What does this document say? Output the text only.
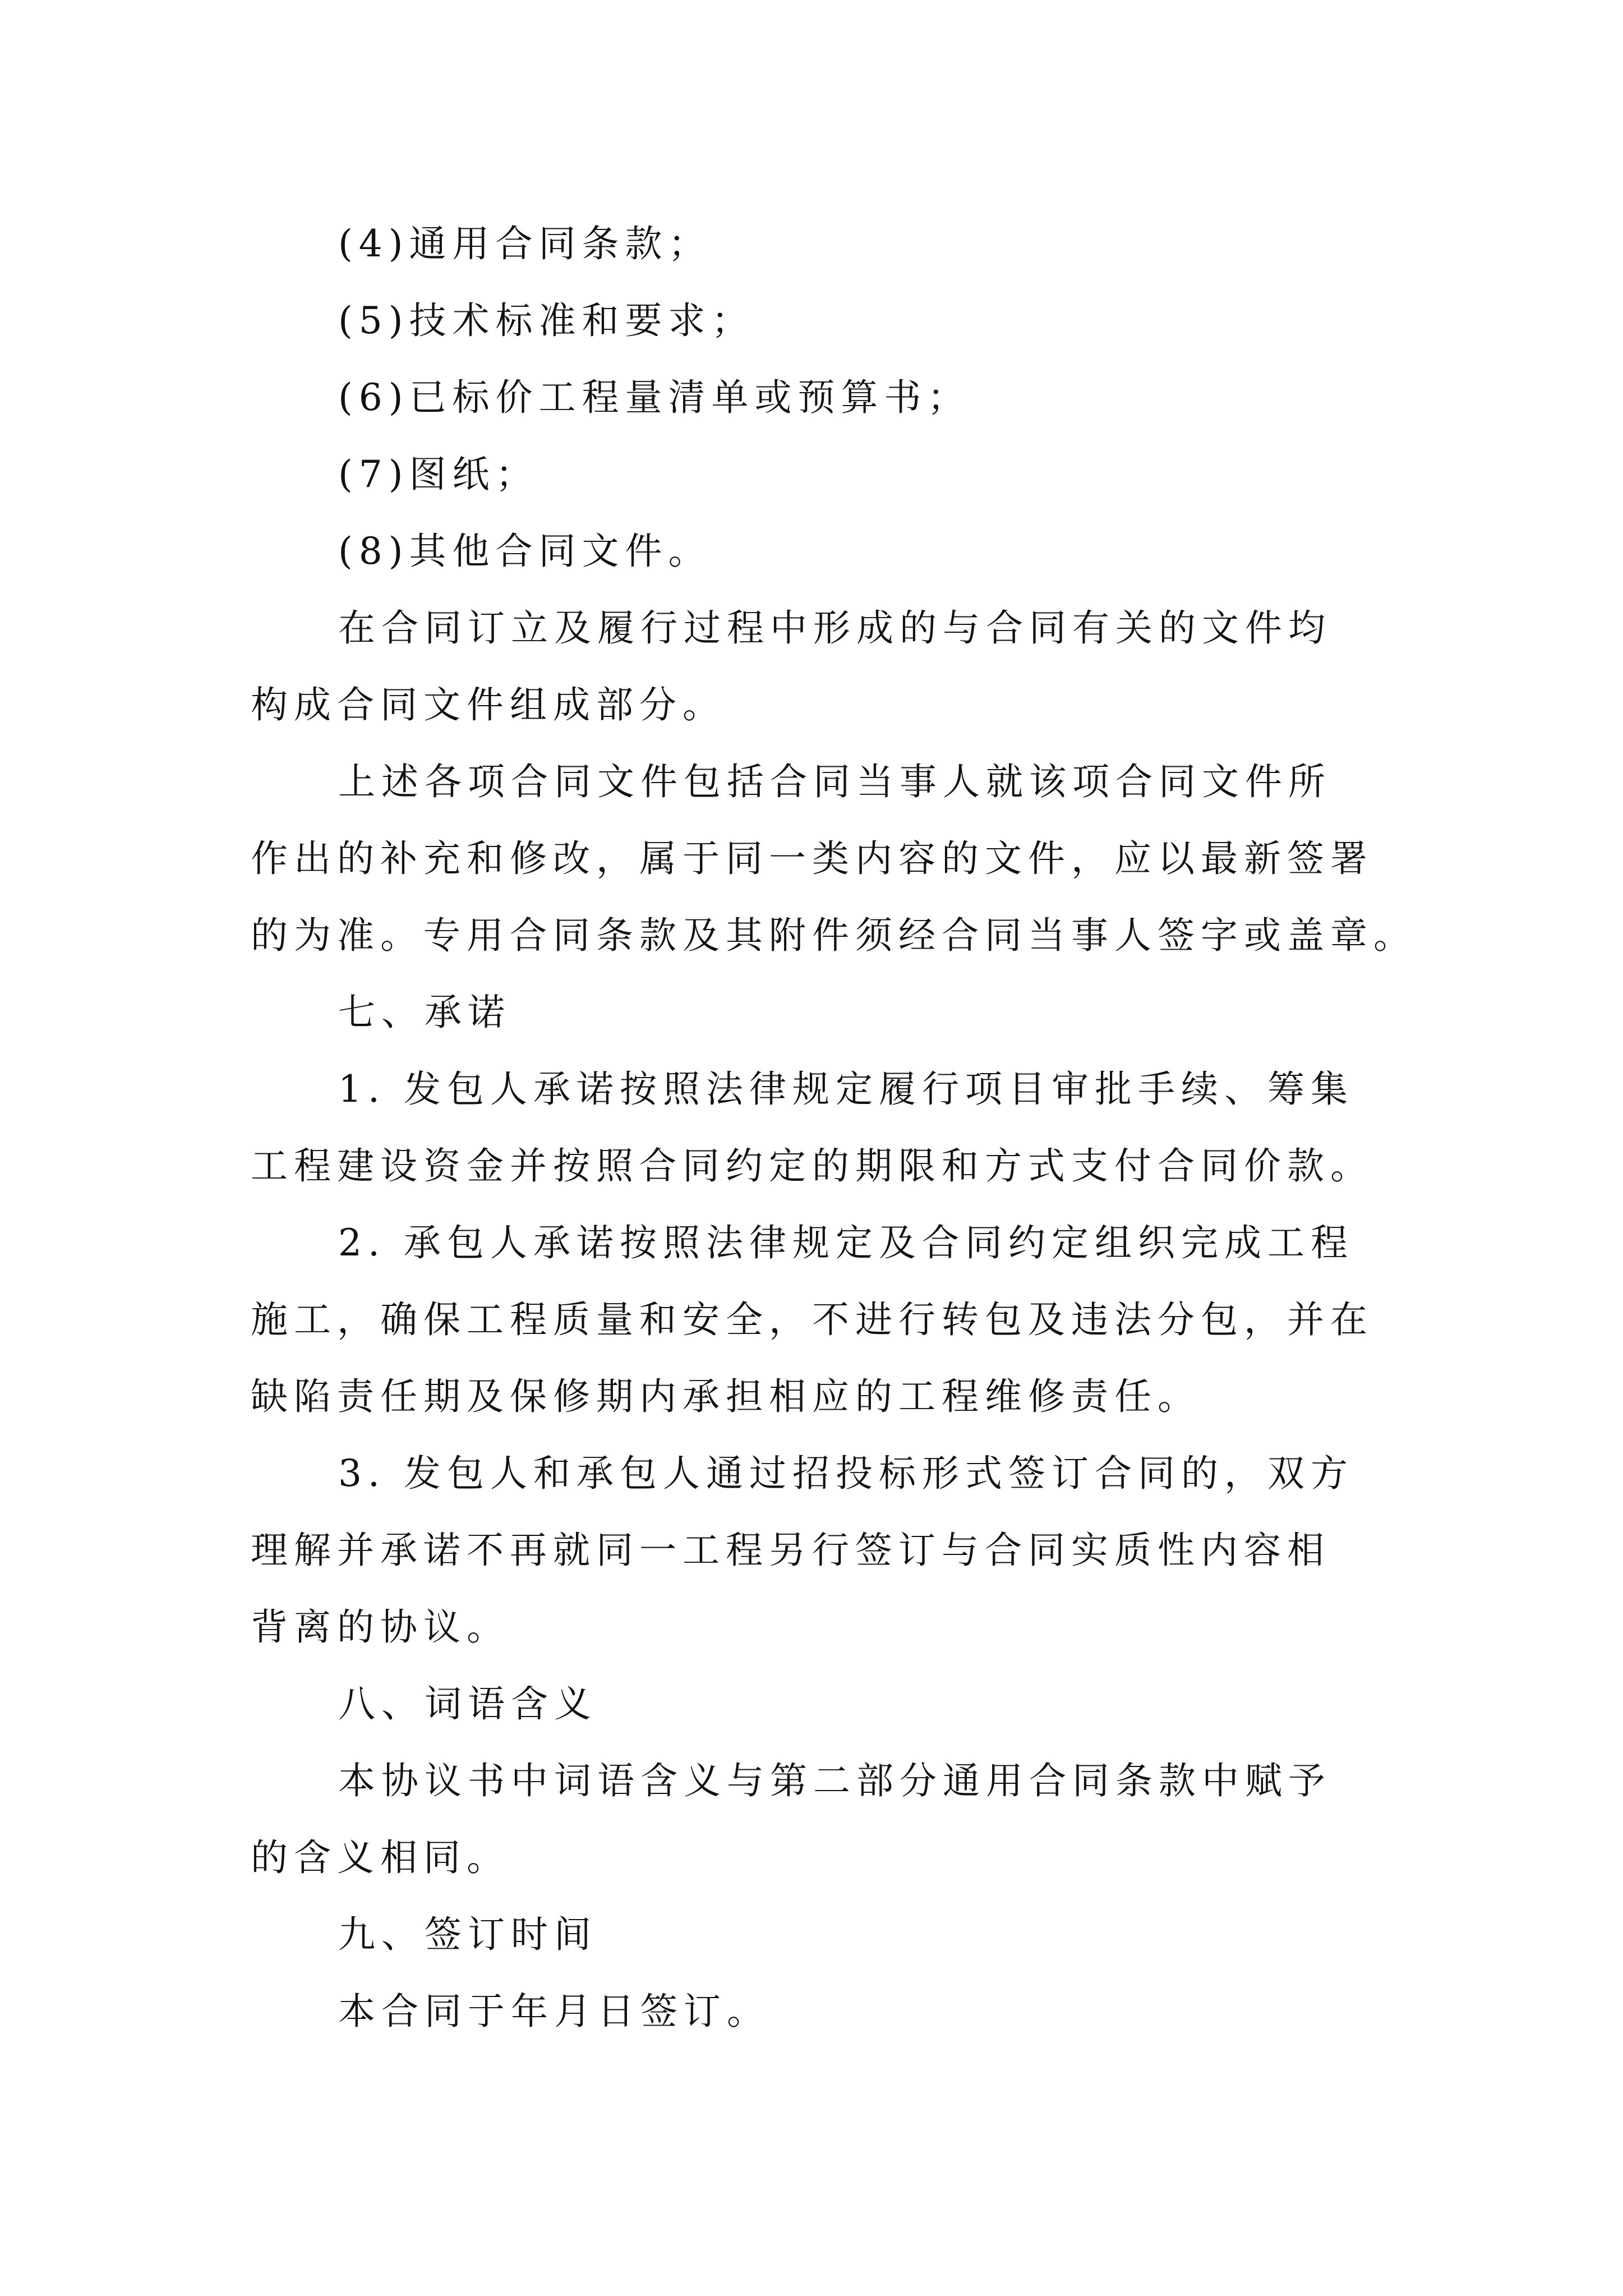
(4)通用合同条款；
(5)技术标准和要求；
(6)已标价工程量清单或预算书；
(7)图纸；
(8)其他合同文件。
在合同订立及履行过程中形成的与合同有关的文件均
构成合同文件组成部分。
上述各项合同文件包括合同当事人就该项合同文件所
作出的补充和修改，属于同一类内容的文件，应以最新签署
的为准。专用合同条款及其附件须经合同当事人签字或盖章。
七、承诺
1. 发包人承诺按照法律规定履行项目审批手续、筹集
工程建设资金并按照合同约定的期限和方式支付合同价款。
2. 承包人承诺按照法律规定及合同约定组织完成工程
施工，确保工程质量和安全，不进行转包及违法分包，并在
缺陷责任期及保修期内承担相应的工程维修责任。
3. 发包人和承包人通过招投标形式签订合同的，双方
理解并承诺不再就同一工程另行签订与合同实质性内容相
背离的协议。
八、词语含义
本协议书中词语含义与第二部分通用合同条款中赋予
的含义相同。
九、签订时间
本合同于年月日签订。
